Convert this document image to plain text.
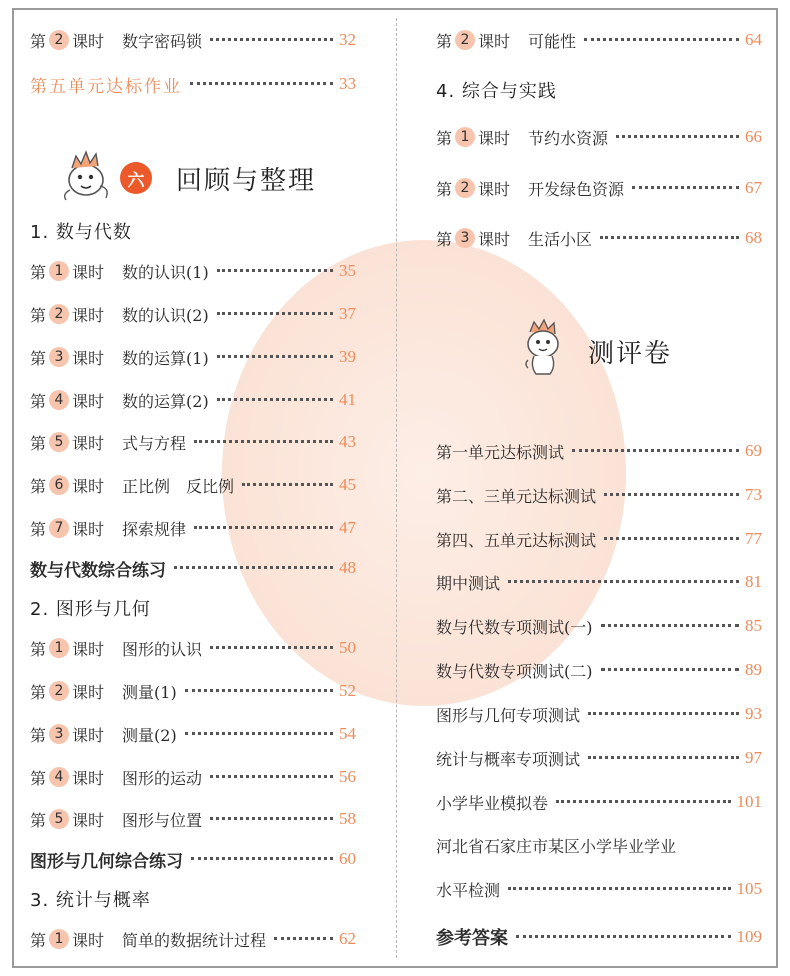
第 2 课时 数字密码锁	32
第五单元达标作业	33
六 回顾与整理
1. 数与代数
第 1 课时 数的认识(1)	35
第 2 课时 数的认识(2)	37
第 3 课时 数的运算(1)	39
第 4 课时 数的运算(2)	41
第 5 课时 式与方程	43
第 6 课时 正比例　反比例	45
第 7 课时 探索规律	47
数与代数综合练习	48
2. 图形与几何
第 1 课时 图形的认识	50
第 2 课时 测量(1)	52
第 3 课时 测量(2)	54
第 4 课时 图形的运动	56
第 5 课时 图形与位置	58
图形与几何综合练习	60
3. 统计与概率
第 1 课时 简单的数据统计过程	62
第 2 课时 可能性	64
4. 综合与实践
第 1 课时 节约水资源	66
第 2 课时 开发绿色资源	67
第 3 课时 生活小区	68
测评卷
第一单元达标测试	69
第二、三单元达标测试	73
第四、五单元达标测试	77
期中测试	81
数与代数专项测试(一)	85
数与代数专项测试(二)	89
图形与几何专项测试	93
统计与概率专项测试	97
小学毕业模拟卷	101
河北省石家庄市某区小学毕业学业
水平检测	105
参考答案	109
